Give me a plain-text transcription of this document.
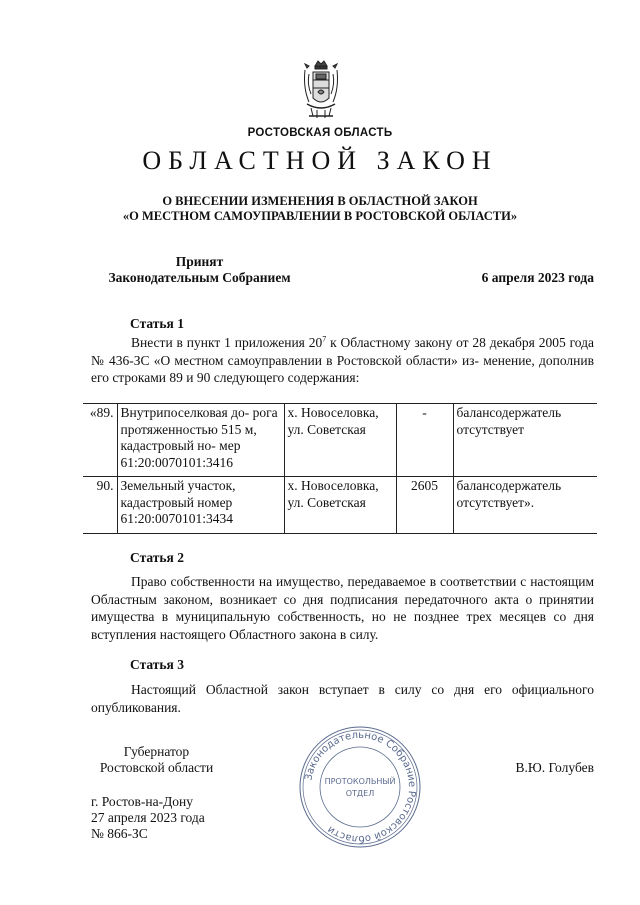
РОСТОВСКАЯ ОБЛАСТЬ
ОБЛАСТНОЙ ЗАКОН
О ВНЕСЕНИИ ИЗМЕНЕНИЯ В ОБЛАСТНОЙ ЗАКОН
«О МЕСТНОМ САМОУПРАВЛЕНИИ В РОСТОВСКОЙ ОБЛАСТИ»
Принят
Законодательным Собранием	6 апреля 2023 года
Статья 1

Внести в пункт 1 приложения $20^7$ к Областному закону от 28 декабря 2005 года № 436-ЗС «О местном самоуправлении в Ростовской области» из- менение, дополнив его строками 89 и 90 следующего содержания:

«89.	Внутрипоселковая до- рога протяженностью 515 м, кадастровый но- мер 61:20:0070101:3416	х. Новоселовка, ул. Советская	-	балансодержатель отсутствует
90.	Земельный участок, кадастровый номер 61:20:0070101:3434	х. Новоселовка, ул. Советская	2605	балансодержатель отсутствует».
Статья 2

Право собственности на имущество, передаваемое в соответствии с настоящим Областным законом, возникает со дня подписания передаточного акта о принятии имущества в муниципальную собственность, но не позднее трех месяцев со дня вступления настоящего Областного закона в силу.

Статья 3

Настоящий Областной закон вступает в силу со дня его официального опубликования.

Губернатор
Ростовской области
Законодательное Собрание Ростовской области
ПРОТОКОЛЬНЫЙ
ОТДЕЛ
В.Ю. Голубев
г. Ростов-на-Дону
27 апреля 2023 года
№ 866-ЗС
